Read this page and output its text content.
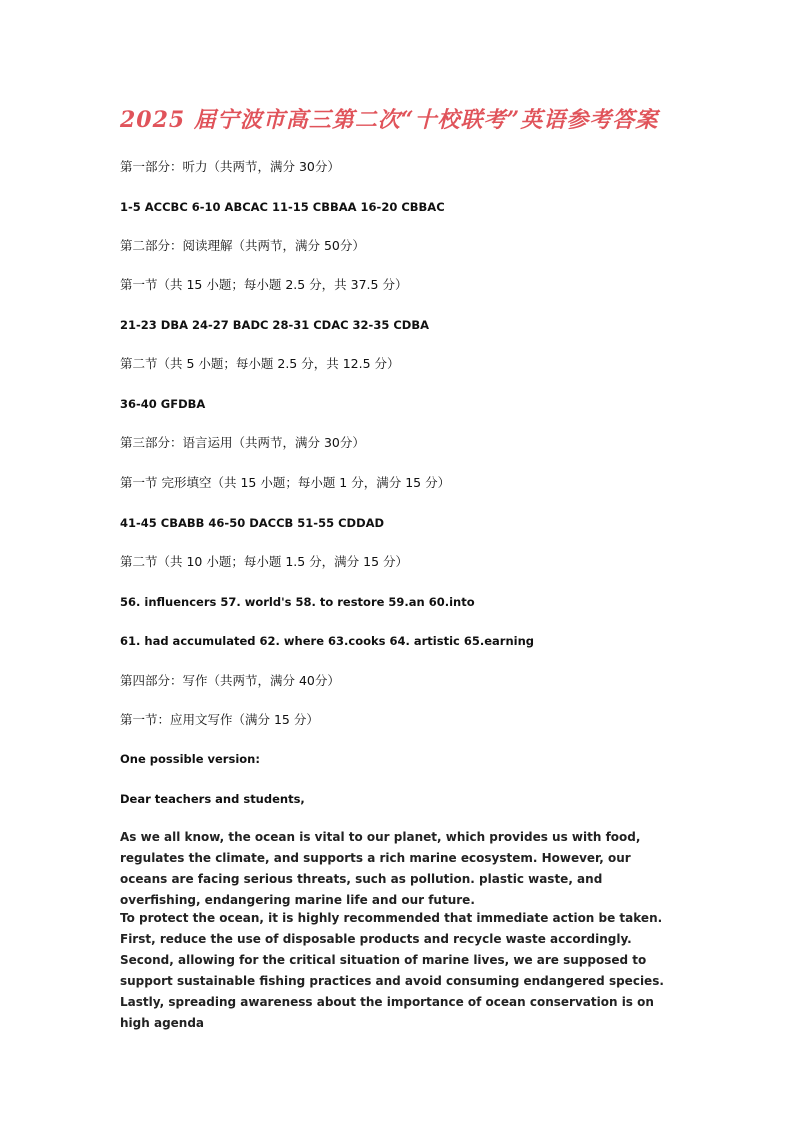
2025 届宁波市高三第二次“十校联考”英语参考答案
第一部分：听力（共两节，满分 30分）
1-5 ACCBC 6-10 ABCAC 11-15 CBBAA 16-20 CBBAC
第二部分：阅读理解（共两节，满分 50分）
第一节（共 15 小题；每小题 2.5 分，共 37.5 分）
21-23 DBA 24-27 BADC 28-31 CDAC 32-35 CDBA
第二节（共 5 小题；每小题 2.5 分，共 12.5 分）
36-40 GFDBA
第三部分：语言运用（共两节，满分 30分）
第一节 完形填空（共 15 小题；每小题 1 分，满分 15 分）
41-45 CBABB 46-50 DACCB 51-55 CDDAD
第二节（共 10 小题；每小题 1.5 分，满分 15 分）
56. influencers 57. world's 58. to restore 59.an 60.into
61. had accumulated 62. where 63.cooks 64. artistic 65.earning
第四部分：写作（共两节，满分 40分）
第一节：应用文写作（满分 15 分）
One possible version:
Dear teachers and students,
As we all know, the ocean is vital to our planet, which provides us with food, regulates the climate, and supports a rich marine ecosystem. However, our oceans are facing serious threats, such as pollution. plastic waste, and overfishing, endangering marine life and our future.
To protect the ocean, it is highly recommended that immediate action be taken. First, reduce the use of disposable products and recycle waste accordingly. Second, allowing for the critical situation of marine lives, we are supposed to support sustainable fishing practices and avoid consuming endangered species. Lastly, spreading awareness about the importance of ocean conservation is on high agenda
